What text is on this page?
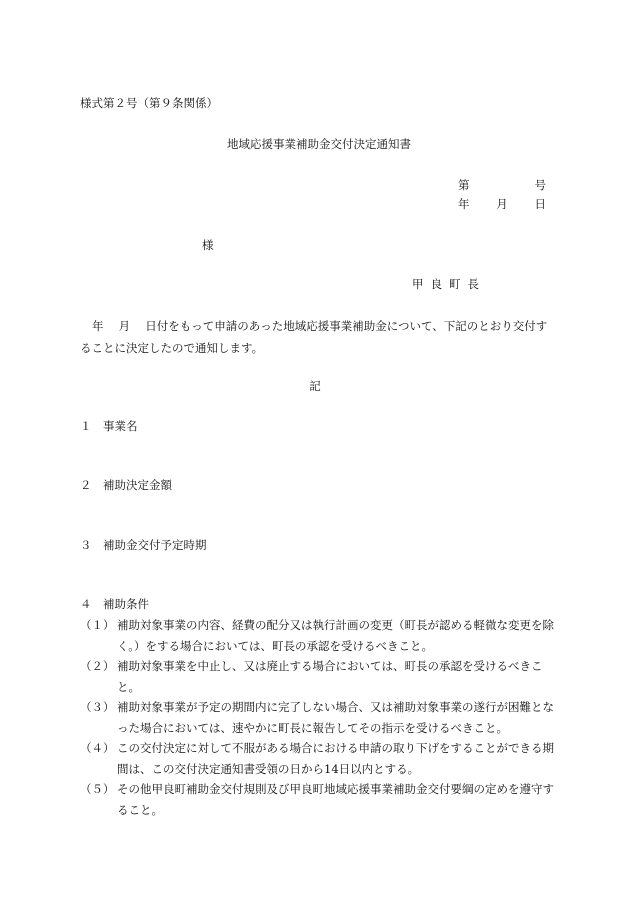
様式第２号（第９条関係）
地域応援事業補助金交付決定通知書
第	号
年 月 日
様
甲良町長
年　 月　 日付をもって申請のあった地域応援事業補助金について、下記のとおり交付す
ることに決定したので通知します。
記
１　事業名
２　補助決定金額
３　補助金交付予定時期
４　補助条件
（１） 補助対象事業の内容、経費の配分又は執行計画の変更（町長が認める軽微な変更を除く。）をする場合においては、町長の承認を受けるべきこと。
（２） 補助対象事業を中止し、又は廃止する場合においては、町長の承認を受けるべきこと。
（３） 補助対象事業が予定の期間内に完了しない場合、又は補助対象事業の遂行が困難となった場合においては、速やかに町長に報告してその指示を受けるべきこと。
（４） この交付決定に対して不服がある場合における申請の取り下げをすることができる期間は、この交付決定通知書受領の日から14日以内とする。
（５） その他甲良町補助金交付規則及び甲良町地域応援事業補助金交付要綱の定めを遵守すること。
